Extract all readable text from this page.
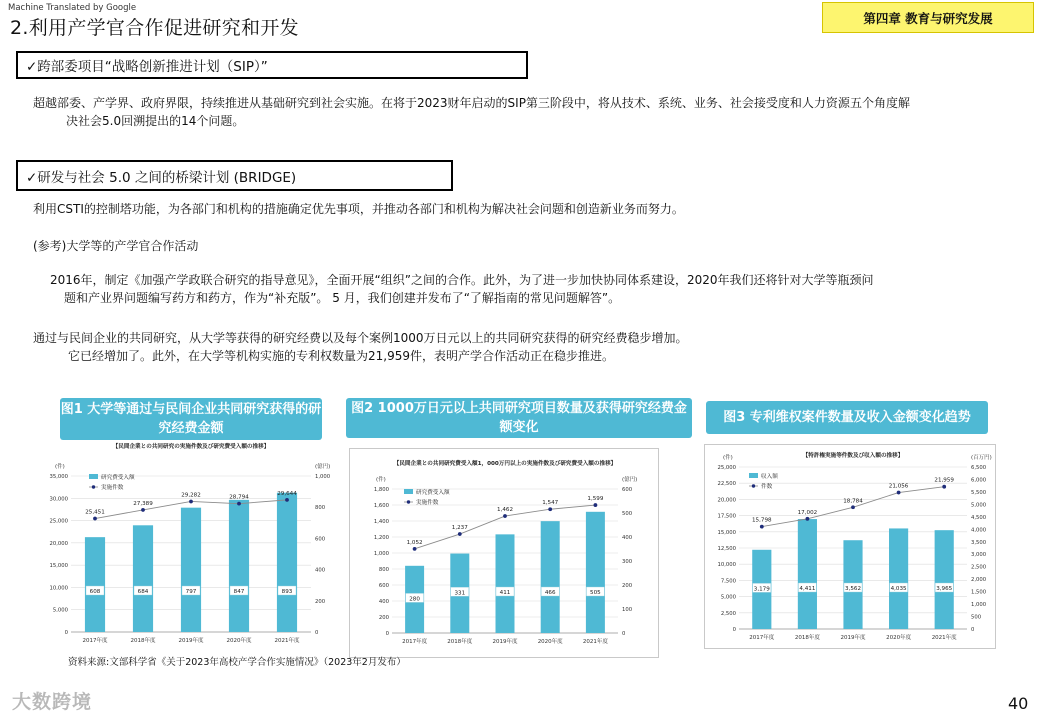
Machine Translated by Google
2.利用产学官合作促进研究和开发	第四章 教育与研究发展
✓跨部委项目“战略创新推进计划（SIP）”
超越部委、产学界、政府界限，持续推进从基础研究到社会实施。在将于2023财年启动的SIP第三阶段中，将从技术、系统、业务、社会接受度和人力资源五个角度解
决社会5.0回溯提出的14个问题。
✓研发与社会 5.0 之间的桥梁计划 (BRIDGE)
利用CSTI的控制塔功能，为各部门和机构的措施确定优先事项，并推动各部门和机构为解决社会问题和创造新业务而努力。
(参考)大学等的产学官合作活动
2016年，制定《加强产学政联合研究的指导意见》，全面开展“组织”之间的合作。此外，为了进一步加快协同体系建设，2020年我们还将针对大学等瓶颈问
题和产业界问题编写药方和药方，作为“补充版”。 5 月，我们创建并发布了“了解指南的常见问题解答”。
通过与民间企业的共同研究，从大学等获得的研究经费以及每个案例1000万日元以上的共同研究获得的研究经费稳步增加。
它已经增加了。此外，在大学等机构实施的专利权数量为21,959件，表明产学合作活动正在稳步推进。
【民間企業との共同研究の実施件数及び研究費受入額の推移】
(件)	(億円)
0
5,000
10,000
15,000
20,000
25,000
30,000
35,000
0
200
400
600
800
1,000
608
2017年度
684
2018年度
797
2019年度
847
2020年度
893
2021年度
25,451
27,389
29,282	28,794
29,644
研究費受入額
実施件数
【民間企業との共同研究費受入額1，000万円以上の実施件数及び研究費受入額の推移】
(件)	(億円)
0
200
400
600
800
1,000
1,200
1,400
1,600
1,800
0
100
200
300
400
500
600
280
2017年度
331
2018年度
411
2019年度
466
2020年度
505
2021年度
1,052
1,237
1,462
1,547
1,599
研究費受入額
実施件数
【特許権実施等件数及び収入額の推移】
(件)	(百万円)
0
2,500
5,000
7,500
10,000
12,500
15,000
17,500
20,000
22,500
25,000
0
500
1,000
1,500
2,000
2,500
3,000
3,500
4,000
4,500
5,000
5,500
6,000
6,500
3,179
2017年度
4,411
2018年度
3,562
2019年度
4,035
2020年度
3,965
2021年度
15,798
17,002
18,784
21,056
21,959
収入額
件数
图1 大学等通过与民间企业共同研究获得的研究经费金额
图2 1000万日元以上共同研究项目数量及获得研究经费金额变化
图3 专利维权案件数量及收入金额变化趋势
资料来源:文部科学省《关于2023年高校产学合作实施情况》（2023年2月发布）
大数跨境	40
